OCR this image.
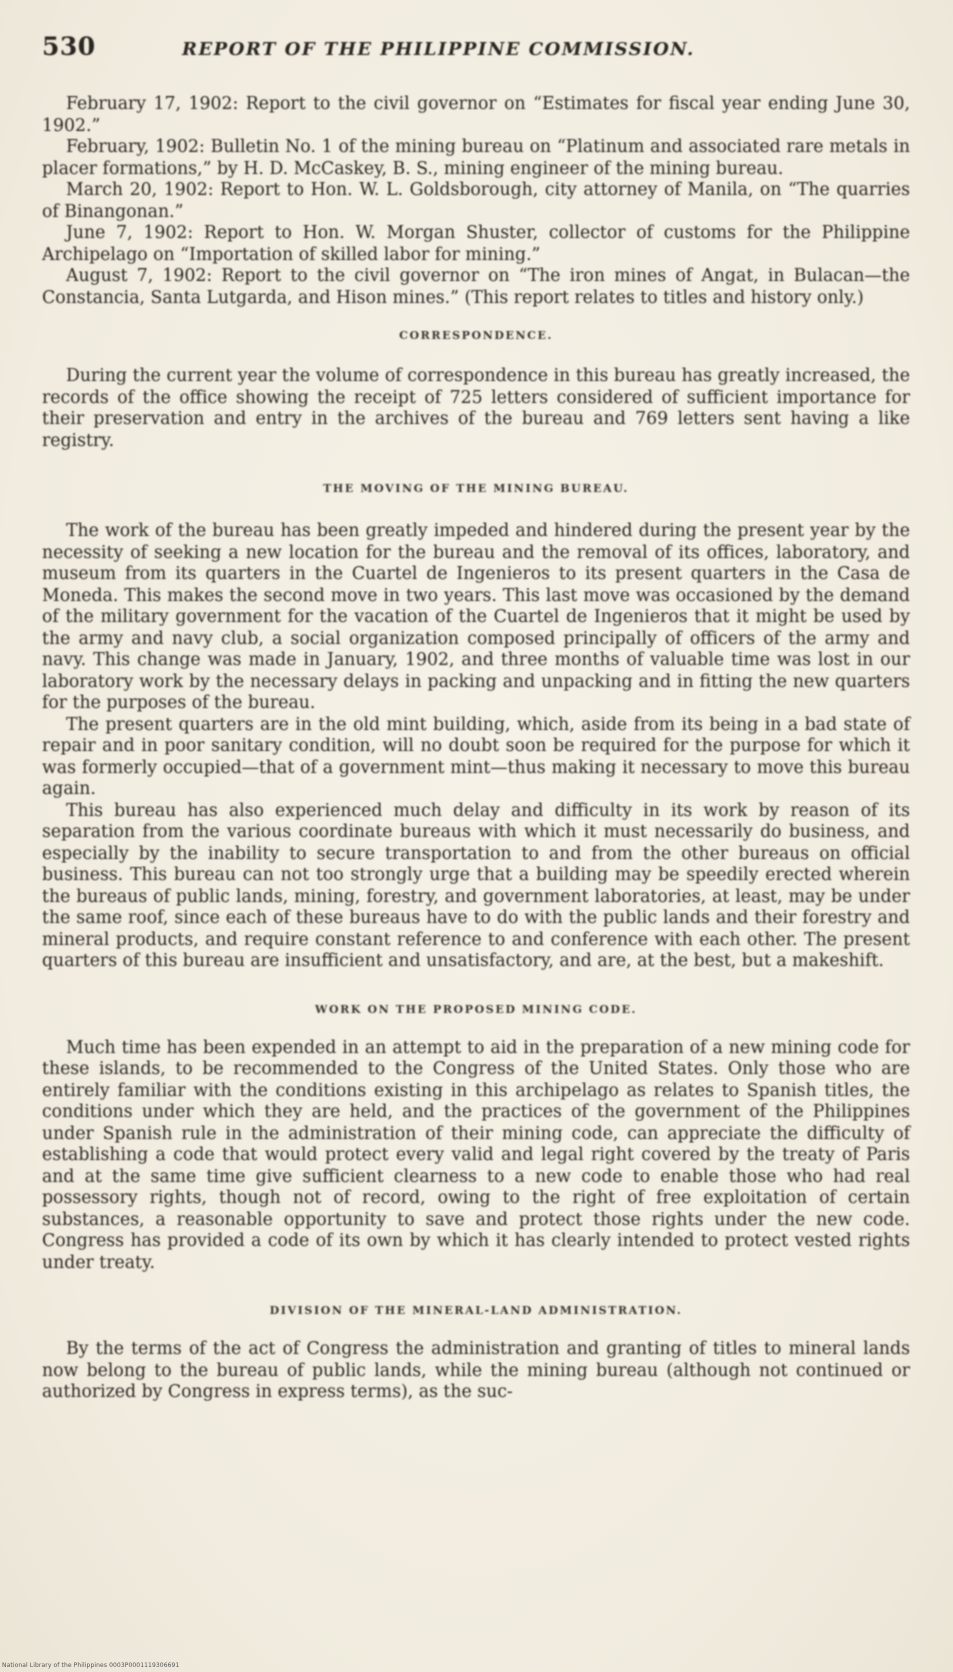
530	REPORT OF THE PHILIPPINE COMMISSION.

February 17, 1902: Report to the civil governor on “Estimates for fiscal year ending June 30, 1902.”

February, 1902: Bulletin No. 1 of the mining bureau on “Platinum and associated rare metals in placer formations,” by H. D. McCaskey, B. S., mining engineer of the mining bureau.

March 20, 1902: Report to Hon. W. L. Goldsborough, city attorney of Manila, on “The quarries of Binangonan.”

June 7, 1902: Report to Hon. W. Morgan Shuster, collector of customs for the Philippine Archipelago on “Importation of skilled labor for mining.”

August 7, 1902: Report to the civil governor on “The iron mines of Angat, in Bulacan—the Constancia, Santa Lutgarda, and Hison mines.” (This report relates to titles and history only.)

CORRESPONDENCE.

During the current year the volume of correspondence in this bureau has greatly increased, the records of the office showing the receipt of 725 letters considered of sufficient importance for their preservation and entry in the archives of the bureau and 769 letters sent having a like registry.

THE MOVING OF THE MINING BUREAU.

The work of the bureau has been greatly impeded and hindered during the present year by the necessity of seeking a new location for the bureau and the removal of its offices, laboratory, and museum from its quarters in the Cuartel de Ingenieros to its present quarters in the Casa de Moneda. This makes the second move in two years. This last move was occasioned by the demand of the military government for the vacation of the Cuartel de Ingenieros that it might be used by the army and navy club, a social organization composed principally of officers of the army and navy. This change was made in January, 1902, and three months of valuable time was lost in our laboratory work by the necessary delays in packing and unpacking and in fitting the new quarters for the purposes of the bureau.

The present quarters are in the old mint building, which, aside from its being in a bad state of repair and in poor sanitary condition, will no doubt soon be required for the purpose for which it was formerly occupied—that of a government mint—thus making it necessary to move this bureau again.

This bureau has also experienced much delay and difficulty in its work by reason of its separation from the various coordinate bureaus with which it must necessarily do business, and especially by the inability to secure transportation to and from the other bureaus on official business. This bureau can not too strongly urge that a building may be speedily erected wherein the bureaus of public lands, mining, forestry, and government laboratories, at least, may be under the same roof, since each of these bureaus have to do with the public lands and their forestry and mineral products, and require constant reference to and conference with each other. The present quarters of this bureau are insufficient and unsatisfactory, and are, at the best, but a makeshift.

WORK ON THE PROPOSED MINING CODE.

Much time has been expended in an attempt to aid in the preparation of a new mining code for these islands, to be recommended to the Congress of the United States. Only those who are entirely familiar with the conditions existing in this archipelago as relates to Spanish titles, the conditions under which they are held, and the practices of the government of the Philippines under Spanish rule in the administration of their mining code, can appreciate the difficulty of establishing a code that would protect every valid and legal right covered by the treaty of Paris and at the same time give sufficient clearness to a new code to enable those who had real possessory rights, though not of record, owing to the right of free exploitation of certain substances, a reasonable opportunity to save and protect those rights under the new code. Congress has provided a code of its own by which it has clearly intended to protect vested rights under treaty.

DIVISION OF THE MINERAL-LAND ADMINISTRATION.

By the terms of the act of Congress the administration and granting of titles to mineral lands now belong to the bureau of public lands, while the mining bureau (although not continued or authorized by Congress in express terms), as the suc-

National Library of the Philippines 0003P0001119306691
